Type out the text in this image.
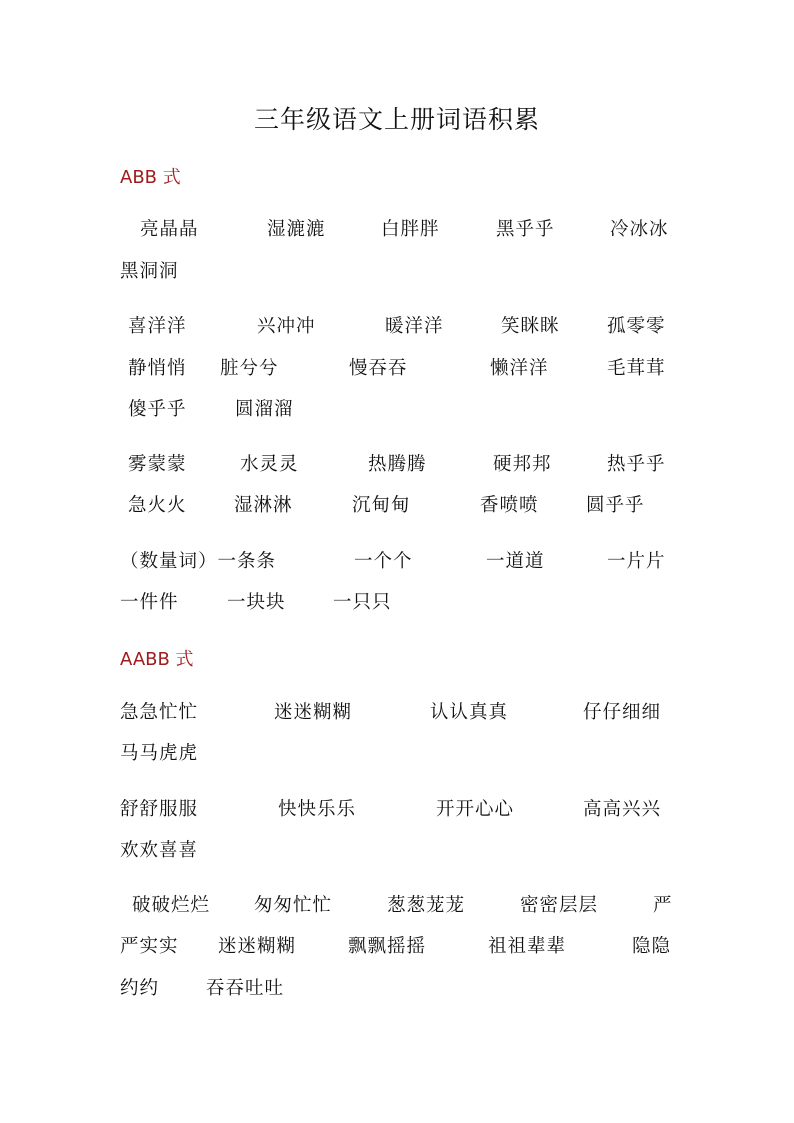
三年级语文上册词语积累
ABB 式
亮晶晶	湿漉漉	白胖胖	黑乎乎	冷冰冰
黑洞洞
喜洋洋	兴冲冲	暖洋洋	笑眯眯	孤零零
静悄悄 脏兮兮	慢吞吞	懒洋洋	毛茸茸
傻乎乎	圆溜溜
雾蒙蒙	水灵灵	热腾腾	硬邦邦	热乎乎
急火火	湿淋淋	沉甸甸	香喷喷	圆乎乎
（数量词）一条条	一个个	一道道	一片片
一件件	一块块	一只只
AABB 式
急急忙忙	迷迷糊糊	认认真真	仔仔细细
马马虎虎
舒舒服服	快快乐乐	开开心心	高高兴兴
欢欢喜喜
破破烂烂 匆匆忙忙	葱葱茏茏	密密层层	严
严实实 迷迷糊糊	飘飘摇摇	祖祖辈辈	隐隐
约约	吞吞吐吐
